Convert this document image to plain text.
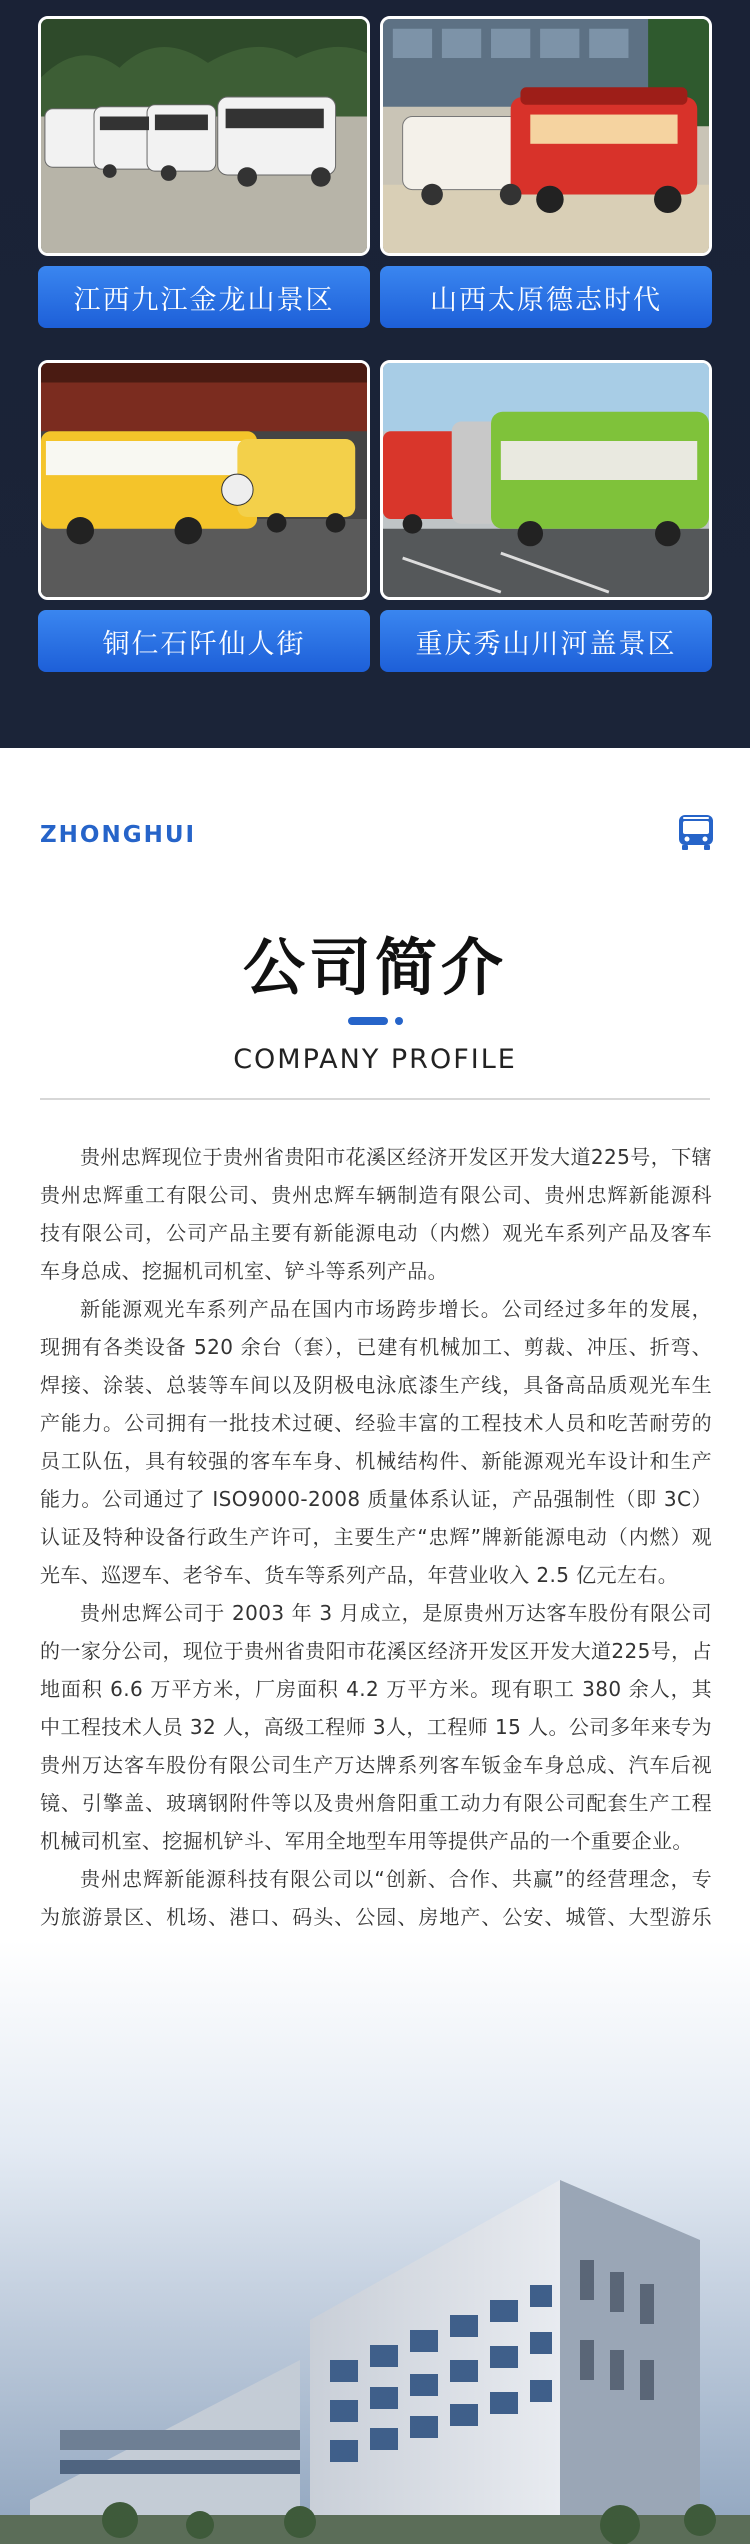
江西九江金龙山景区	山西太原德志时代
铜仁石阡仙人街	重庆秀山川河盖景区
ZHONGHUI
公司简介
COMPANY PROFILE

贵州忠辉现位于贵州省贵阳市花溪区经济开发区开发大道225号，下辖贵州忠辉重工有限公司、贵州忠辉车辆制造有限公司、贵州忠辉新能源科技有限公司，公司产品主要有新能源电动（内燃）观光车系列产品及客车车身总成、挖掘机司机室、铲斗等系列产品。

新能源观光车系列产品在国内市场跨步增长。公司经过多年的发展，现拥有各类设备 520 余台（套），已建有机械加工、剪裁、冲压、折弯、焊接、涂装、总装等车间以及阴极电泳底漆生产线，具备高品质观光车生产能力。公司拥有一批技术过硬、经验丰富的工程技术人员和吃苦耐劳的员工队伍，具有较强的客车车身、机械结构件、新能源观光车设计和生产能力。公司通过了 ISO9000-2008 质量体系认证，产品强制性（即 3C）认证及特种设备行政生产许可，主要生产“忠辉”牌新能源电动（内燃）观光车、巡逻车、老爷车、货车等系列产品，年营业收入 2.5 亿元左右。

贵州忠辉公司于 2003 年 3 月成立，是原贵州万达客车股份有限公司的一家分公司，现位于贵州省贵阳市花溪区经济开发区开发大道225号，占地面积 6.6 万平方米，厂房面积 4.2 万平方米。现有职工 380 余人，其中工程技术人员 32 人，高级工程师 3人，工程师 15 人。公司多年来专为贵州万达客车股份有限公司生产万达牌系列客车钣金车身总成、汽车后视镜、引擎盖、玻璃钢附件等以及贵州詹阳重工动力有限公司配套生产工程机械司机室、挖掘机铲斗、军用全地型车用等提供产品的一个重要企业。

贵州忠辉新能源科技有限公司以“创新、合作、共赢”的经营理念，专为旅游景区、机场、港口、码头、公园、房地产、公安、城管、大型游乐
